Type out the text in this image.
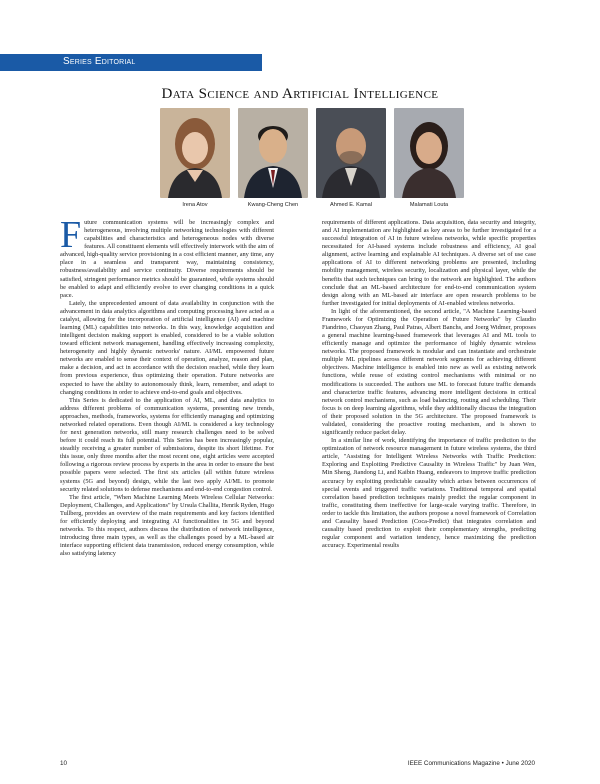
Series Editorial
Data Science and Artificial Intelligence
Irena Atov	Kwang-Cheng Chen	Ahmed E. Kamal	Malamati Louta

Future communication systems will be increasingly complex and heterogeneous, involving multiple networking technologies with different capabilities and characteristics and heterogeneous nodes with diverse features. All constituent elements will effectively interwork with the aim of advanced, high-quality service provisioning in a cost efficient manner, any time, any place in a seamless and transparent way, maintaining consistency, robustness/availability and service continuity. Diverse requirements should be satisfied, stringent performance metrics should be guaranteed, while systems should be enabled to adapt and efficiently evolve to ever changing conditions in a quick pace.

Lately, the unprecedented amount of data availability in conjunction with the advancement in data analytics algorithms and computing processing have acted as a catalyst, allowing for the incorporation of artificial intelligence (AI) and machine learning (ML) capabilities into networks. In this way, knowledge acquisition and intelligent decision making support is enabled, considered to be a viable solution toward efficient network management, handling effectively increasing complexity, heterogeneity and highly dynamic networks' nature. AI/ML empowered future networks are enabled to sense their context of operation, analyze, reason and plan, make a decision, and act in accordance with the decision reached, while they learn from previous experience, thus optimizing their operation. Future networks are expected to have the ability to autonomously think, learn, remember, and adapt to changing conditions in order to achieve end-to-end goals and objectives.

This Series is dedicated to the application of AI, ML, and data analytics to address different problems of communication systems, presenting new trends, approaches, methods, frameworks, systems for efficiently managing and optimizing networked related operations. Even though AI/ML is considered a key technology for next generation networks, still many research challenges need to be solved before it could reach its full potential. This Series has been increasingly popular, steadily receiving a greater number of submissions, despite its short lifetime. For this issue, only three months after the most recent one, eight articles were accepted following a rigorous review process by experts in the area in order to ensure the best possible papers were selected. The first six articles (all within future wireless systems (5G and beyond) design, while the last two apply AI/ML to promote security related solutions to defense mechanisms and end-to-end congestion control.

The first article, "When Machine Learning Meets Wireless Cellular Networks: Deployment, Challenges, and Applications" by Ursula Challita, Henrik Ryden, Hugo Tullberg, provides an overview of the main requirements and key factors identified for efficiently deploying and integrating AI functionalities in 5G and beyond networks. To this respect, authors discuss the distribution of network intelligence, introducing three main types, as well as the challenges posed by a ML-based air interface supporting efficient data transmission, reduced energy consumption, while also satisfying latency

requirements of different applications. Data acquisition, data security and integrity, and AI implementation are highlighted as key areas to be further investigated for a successful integration of AI in future wireless networks, while specific properties necessitated for AI-based systems include robustness and efficiency, AI goal alignment, active learning and explainable AI techniques. A diverse set of use case applications of AI to different networking problems are presented, including mobility management, wireless security, localization and physical layer, while the benefits that such techniques can bring to the network are highlighted. The authors conclude that an ML-based architecture for end-to-end communication system design along with an ML-based air interface are open research problems to be further investigated for initial deployments of AI-enabled wireless networks.

In light of the aforementioned, the second article, "A Machine Learning-based Framework for Optimizing the Operation of Future Networks" by Claudio Fiandrino, Chaoyun Zhang, Paul Patras, Albert Banchs, and Joerg Widmer, proposes a general machine learning-based framework that leverages AI and ML tools to efficiently manage and optimize the performance of highly dynamic wireless networks. The proposed framework is modular and can instantiate and orchestrate multiple ML pipelines across different network segments for achieving different objectives. Machine intelligence is enabled into new as well as existing network functions, while reuse of existing control mechanisms with minimal or no modifications is succeeded. The authors use ML to forecast future traffic demands and characterize traffic features, advancing more intelligent decisions in critical network control mechanisms, such as load balancing, routing and scheduling. Their focus is on deep learning algorithms, while they additionally discuss the integration of their proposed solution in the 5G architecture. The proposed framework is validated, considering the proactive routing mechanism, and is shown to significantly reduce packet delay.

In a similar line of work, identifying the importance of traffic prediction to the optimization of network resource management in future wireless systems, the third article, "Assisting for Intelligent Wireless Networks with Traffic Prediction: Exploring and Exploiting Predictive Causality in Wireless Traffic" by Juan Wen, Min Sheng, Jiandong Li, and Kaibin Huang, endeavors to improve traffic prediction accuracy by exploiting predictable causality which arises between occurrences of special events and triggered traffic variations. Traditional temporal and spatial correlation based prediction techniques mainly predict the regular component in traffic, constituting them ineffective for large-scale varying traffic. Therefore, in order to tackle this limitation, the authors propose a novel framework of Correlation and Causality based Prediction (Coca-Predict) that integrates correlation and causality based prediction to exploit their complementary strengths, predicting regular component and variation tendency, hence maximizing the prediction accuracy. Experimental results

10	IEEE Communications Magazine • June 2020
